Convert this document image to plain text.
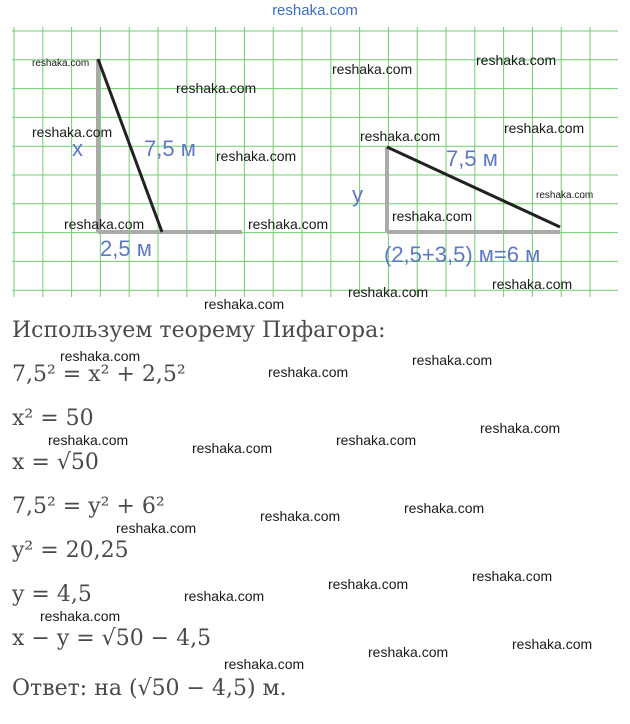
reshaka.com
x	7,5 м
2,5 м
y
7,5 м
(2,5+3,5) м=6 м
Используем теорему Пифагора:
7,5² = x² + 2,5²
x² = 50
x = √50
7,5² = y² + 6²
y² = 20,25
y = 4,5
x − y = √50 − 4,5
Ответ: на (√50 − 4,5) м.
reshaka.com
reshaka.com
reshaka.com
reshaka.com
reshaka.com
reshaka.com
reshaka.com	reshaka.com
reshaka.com
reshaka.com	reshaka.com	reshaka.com
reshaka.com	reshaka.com
reshaka.com
reshaka.com
reshaka.com
reshaka.com
reshaka.com	reshaka.com	reshaka.com
reshaka.com
reshaka.com
reshaka.com	reshaka.com
reshaka.com	reshaka.com
reshaka.com
reshaka.com
reshaka.com
reshaka.com
reshaka.com
